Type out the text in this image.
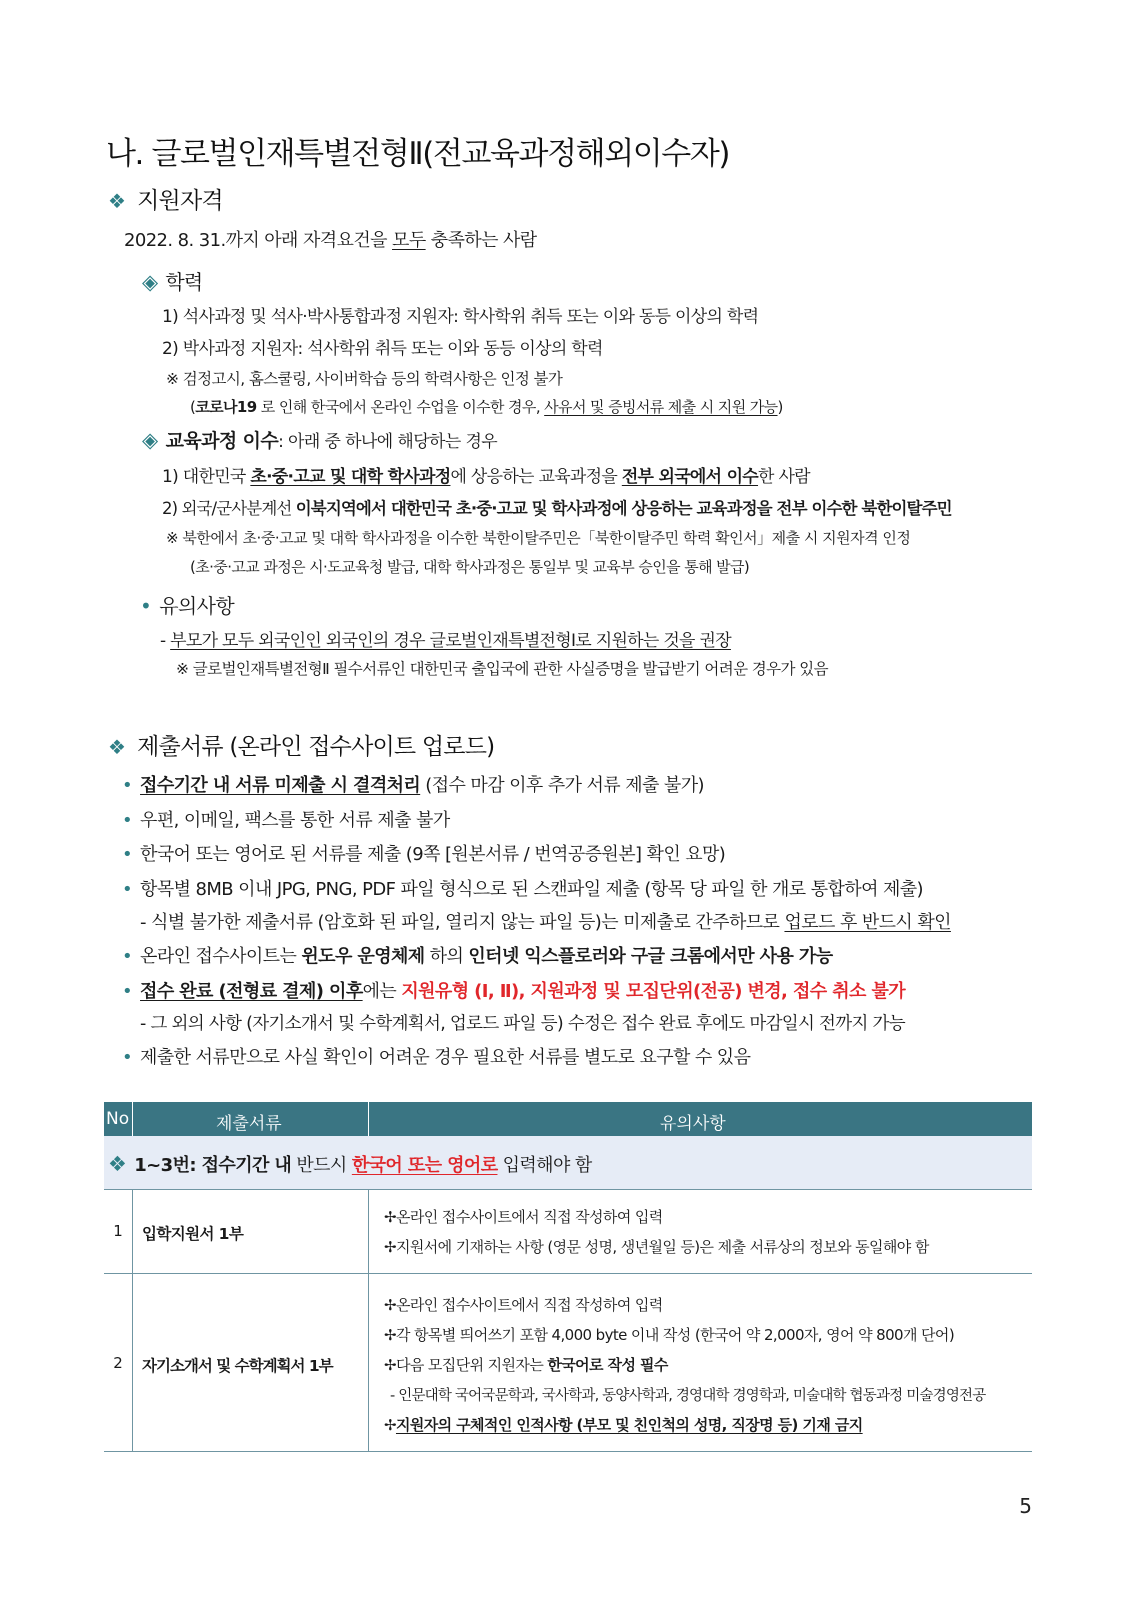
나. 글로벌인재특별전형Ⅱ(전교육과정해외이수자)
❖ 지원자격
2022. 8. 31.까지 아래 자격요건을 모두 충족하는 사람
◈ 학력
1) 석사과정 및 석사·박사통합과정 지원자: 학사학위 취득 또는 이와 동등 이상의 학력
2) 박사과정 지원자: 석사학위 취득 또는 이와 동등 이상의 학력
※ 검정고시, 홈스쿨링, 사이버학습 등의 학력사항은 인정 불가
(코로나19 로 인해 한국에서 온라인 수업을 이수한 경우, 사유서 및 증빙서류 제출 시 지원 가능)
◈ 교육과정 이수: 아래 중 하나에 해당하는 경우
1) 대한민국 초·중·고교 및 대학 학사과정에 상응하는 교육과정을 전부 외국에서 이수한 사람
2) 외국/군사분계선 이북지역에서 대한민국 초·중·고교 및 학사과정에 상응하는 교육과정을 전부 이수한 북한이탈주민
※ 북한에서 초·중·고교 및 대학 학사과정을 이수한 북한이탈주민은「북한이탈주민 학력 확인서」제출 시 지원자격 인정
(초·중·고교 과정은 시·도교육청 발급, 대학 학사과정은 통일부 및 교육부 승인을 통해 발급)
• 유의사항
- 부모가 모두 외국인인 외국인의 경우 글로벌인재특별전형Ⅰ로 지원하는 것을 권장
※ 글로벌인재특별전형Ⅱ 필수서류인 대한민국 출입국에 관한 사실증명을 발급받기 어려운 경우가 있음
❖ 제출서류 (온라인 접수사이트 업로드)
• 접수기간 내 서류 미제출 시 결격처리 (접수 마감 이후 추가 서류 제출 불가)
• 우편, 이메일, 팩스를 통한 서류 제출 불가
• 한국어 또는 영어로 된 서류를 제출 (9쪽 [원본서류 / 번역공증원본] 확인 요망)
• 항목별 8MB 이내 JPG, PNG, PDF 파일 형식으로 된 스캔파일 제출 (항목 당 파일 한 개로 통합하여 제출)
- 식별 불가한 제출서류 (암호화 된 파일, 열리지 않는 파일 등)는 미제출로 간주하므로 업로드 후 반드시 확인
• 온라인 접수사이트는 윈도우 운영체제 하의 인터넷 익스플로러와 구글 크롬에서만 사용 가능
• 접수 완료 (전형료 결제) 이후에는 지원유형 (Ⅰ, Ⅱ), 지원과정 및 모집단위(전공) 변경, 접수 취소 불가
- 그 외의 사항 (자기소개서 및 수학계획서, 업로드 파일 등) 수정은 접수 완료 후에도 마감일시 전까지 가능
• 제출한 서류만으로 사실 확인이 어려운 경우 필요한 서류를 별도로 요구할 수 있음
No	제출서류	유의사항
❖ 1~3번: 접수기간 내 반드시 한국어 또는 영어로 입력해야 함
1	입학지원서 1부
✢온라인 접수사이트에서 직접 작성하여 입력
✢지원서에 기재하는 사항 (영문 성명, 생년월일 등)은 제출 서류상의 정보와 동일해야 함
2	자기소개서 및 수학계획서 1부
✢온라인 접수사이트에서 직접 작성하여 입력
✢각 항목별 띄어쓰기 포함 4,000 byte 이내 작성 (한국어 약 2,000자, 영어 약 800개 단어)
✢다음 모집단위 지원자는 한국어로 작성 필수
- 인문대학 국어국문학과, 국사학과, 동양사학과, 경영대학 경영학과, 미술대학 협동과정 미술경영전공
✢지원자의 구체적인 인적사항 (부모 및 친인척의 성명, 직장명 등) 기재 금지
5
